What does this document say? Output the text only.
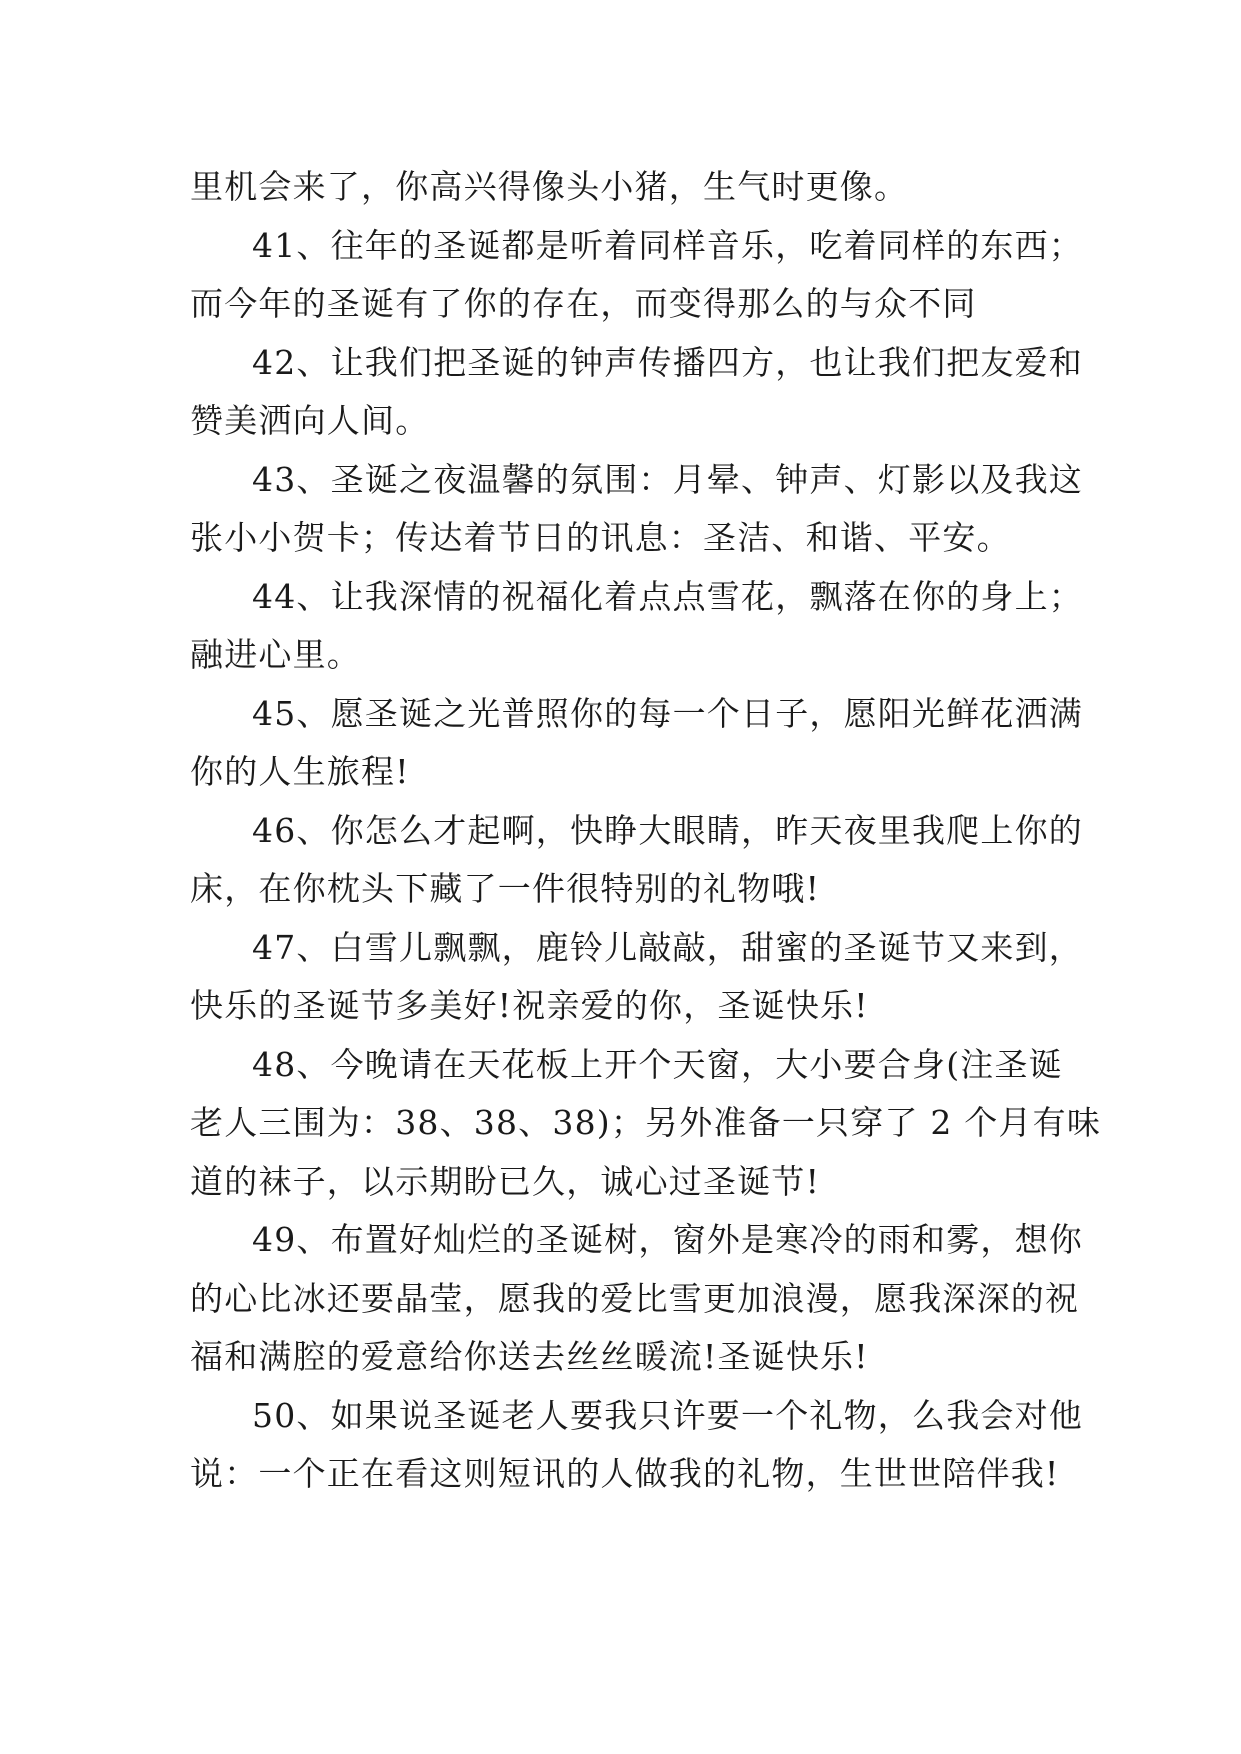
里机会来了，你高兴得像头小猪，生气时更像。
41、往年的圣诞都是听着同样音乐，吃着同样的东西；
而今年的圣诞有了你的存在，而变得那么的与众不同
42、让我们把圣诞的钟声传播四方，也让我们把友爱和
赞美洒向人间。
43、圣诞之夜温馨的氛围：月晕、钟声、灯影以及我这
张小小贺卡；传达着节日的讯息：圣洁、和谐、平安。
44、让我深情的祝福化着点点雪花，飘落在你的身上；
融进心里。
45、愿圣诞之光普照你的每一个日子，愿阳光鲜花洒满
你的人生旅程!
46、你怎么才起啊，快睁大眼睛，昨天夜里我爬上你的
床，在你枕头下藏了一件很特别的礼物哦!
47、白雪儿飘飘，鹿铃儿敲敲，甜蜜的圣诞节又来到，
快乐的圣诞节多美好!祝亲爱的你，圣诞快乐!
48、今晚请在天花板上开个天窗，大小要合身(注圣诞
老人三围为：38、38、38)；另外准备一只穿了 2 个月有味
道的袜子，以示期盼已久，诚心过圣诞节!
49、布置好灿烂的圣诞树，窗外是寒冷的雨和雾，想你
的心比冰还要晶莹，愿我的爱比雪更加浪漫，愿我深深的祝
福和满腔的爱意给你送去丝丝暖流!圣诞快乐!
50、如果说圣诞老人要我只许要一个礼物，么我会对他
说：一个正在看这则短讯的人做我的礼物，生世世陪伴我!
